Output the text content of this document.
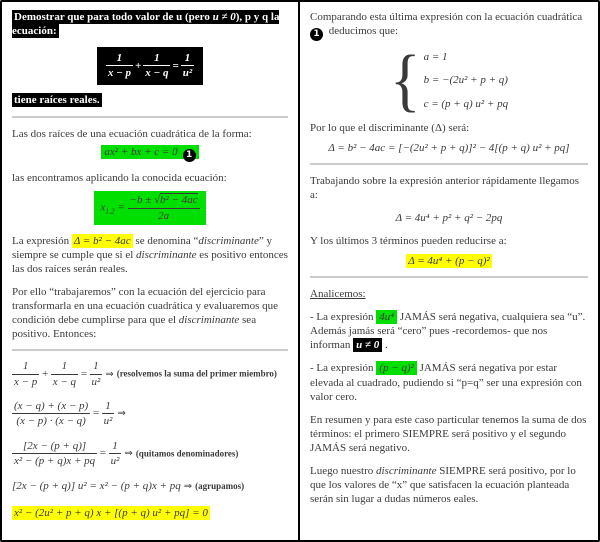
Demostrar que para todo valor de u (pero u ≠ 0), p y q la ecuación:
$\frac{1}{x - p} + \frac{1}{x - q} = \frac{1}{\text{u²}}$
tiene raíces reales.

Las dos raíces de una ecuación cuadrática de la forma:

ax² + bx + c = 0 1

las encontramos aplicando la conocida ecuación:

$x_{1,2} = \frac{\text{−b ± √b² − 4ac}}{2a}$

La expresión Δ = b² − 4ac se denomina “discriminante” y siempre se cumple que si el discriminante es positivo entonces las dos raíces serán reales.

Por ello “trabajaremos” con la ecuación del ejercicio para transformarla en una ecuación cuadrática y evaluaremos que condición debe cumplirse para que el discriminante sea positivo. Entonces:

$\frac{1}{x - p} + \frac{1}{x - q} = \frac{1}{\text{u²}}$ ⇒ (resolvemos la suma del primer miembro)
$\frac{(x - q) + (x - p)}{(x - p) \cdot (x - q)} = \frac{1}{\text{u²}}$ ⇒
$\frac{[2x - (p + q)]}{\text{x² − (p + q)x + pq}} = \frac{1}{\text{u²}}$ ⇒ (quitamos denominadores)
[2x − (p + q)] u² = x² − (p + q)x + pq ⇒ (agrupamos)
x² − (2u² + p + q) x + [(p + q) u² + pq] = 0

Comparando esta última expresión con la ecuación cuadrática 1 deducimos que:

{ a = 1
b = −(2u² + p + q)
c = (p + q) u² + pq

Por lo que el discriminante (Δ) será:

Δ = b² − 4ac = [−(2u² + p + q)]² − 4[(p + q) u² + pq]

Trabajando sobre la expresión anterior rápidamente llegamos a:

Δ = 4u⁴ + p² + q² − 2pq

Y los últimos 3 términos pueden reducirse a:

Δ = 4u⁴ + (p − q)²

Analicemos:

- La expresión 4u⁴ JAMÁS será negativa, cualquiera sea “u”. Además jamás será “cero” pues -recordemos- que nos informan u ≠ 0 .

- La expresión (p − q)² JAMÁS será negativa por estar elevada al cuadrado, pudiendo si “p=q” ser una expresión con valor cero.

En resumen y para este caso particular tenemos la suma de dos términos: el primero SIEMPRE será positivo y el segundo JAMÁS será negativo.

Luego nuestro discriminante SIEMPRE será positivo, por lo que los valores de “x” que satisfacen la ecuación planteada serán sin lugar a dudas números eales.
